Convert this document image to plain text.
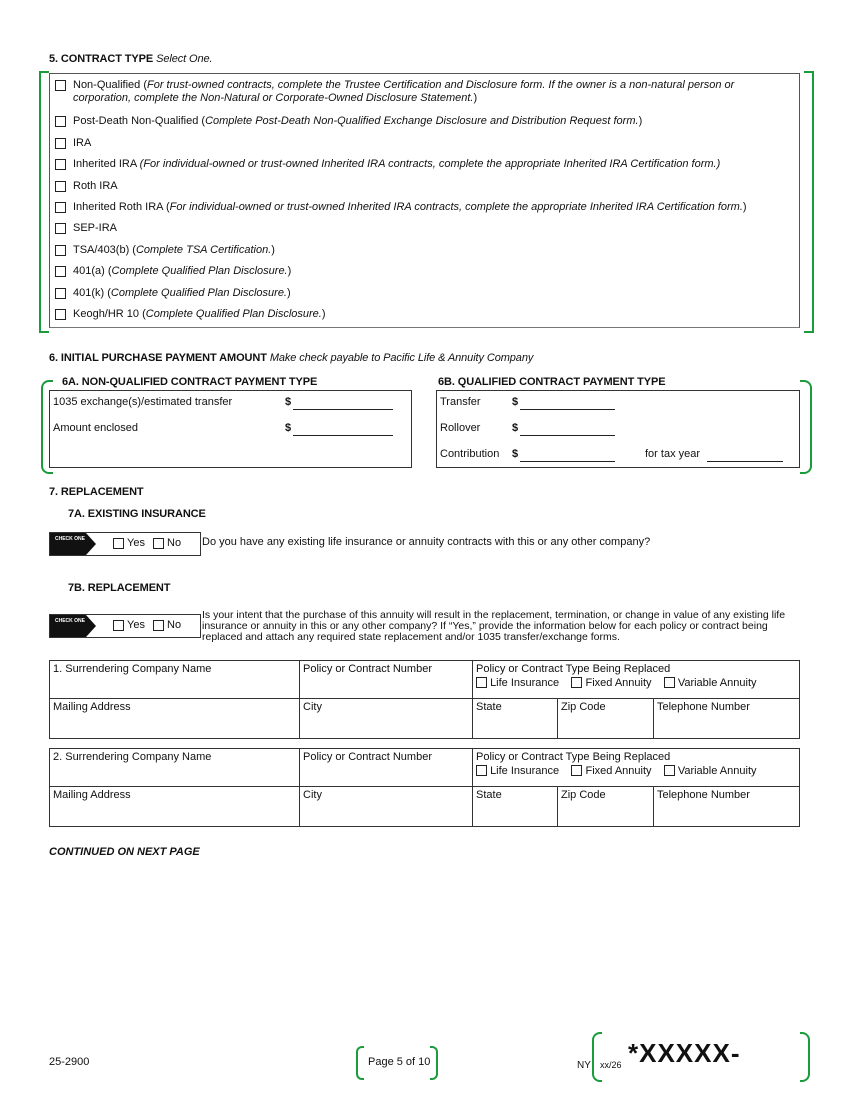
5. CONTRACT TYPE Select One.
Non-Qualified (For trust-owned contracts, complete the Trustee Certification and Disclosure form. If the owner is a non-natural person or corporation, complete the Non-Natural or Corporate-Owned Disclosure Statement.)
Post-Death Non-Qualified (Complete Post-Death Non-Qualified Exchange Disclosure and Distribution Request form.)
IRA
Inherited IRA (For individual-owned or trust-owned Inherited IRA contracts, complete the appropriate Inherited IRA Certification form.)
Roth IRA
Inherited Roth IRA (For individual-owned or trust-owned Inherited IRA contracts, complete the appropriate Inherited IRA Certification form.)
SEP-IRA
TSA/403(b) (Complete TSA Certification.)
401(a) (Complete Qualified Plan Disclosure.)
401(k) (Complete Qualified Plan Disclosure.)
Keogh/HR 10 (Complete Qualified Plan Disclosure.)
6. INITIAL PURCHASE PAYMENT AMOUNT Make check payable to Pacific Life & Annuity Company
6A. NON-QUALIFIED CONTRACT PAYMENT TYPE
1035 exchange(s)/estimated transfer	$
Amount enclosed	$
6B. QUALIFIED CONTRACT PAYMENT TYPE
Transfer	$
Rollover	$
Contribution $	for tax year
7. REPLACEMENT
7A. EXISTING INSURANCE
CHECK ONE	Yes No Do you have any existing life insurance or annuity contracts with this or any other company?
7B. REPLACEMENT
CHECK ONE	Yes No
Is your intent that the purchase of this annuity will result in the replacement, termination, or change in value of any existing life insurance or annuity in this or any other company? If “Yes,” provide the information below for each policy or contract being replaced and attach any required state replacement and/or 1035 transfer/exchange forms.
1. Surrendering Company Name	Policy or Contract Number	Policy or Contract Type Being Replaced
Life Insurance Fixed Annuity Variable Annuity		

Mailing Address	City	State	Zip Code	Telephone Number
2. Surrendering Company Name	Policy or Contract Number	Policy or Contract Type Being Replaced
Life Insurance Fixed Annuity Variable Annuity		

Mailing Address	City	State	Zip Code	Telephone Number
CONTINUED ON NEXT PAGE
25-2900	Page 5 of 10	NY xx/26 *XXXXX-
